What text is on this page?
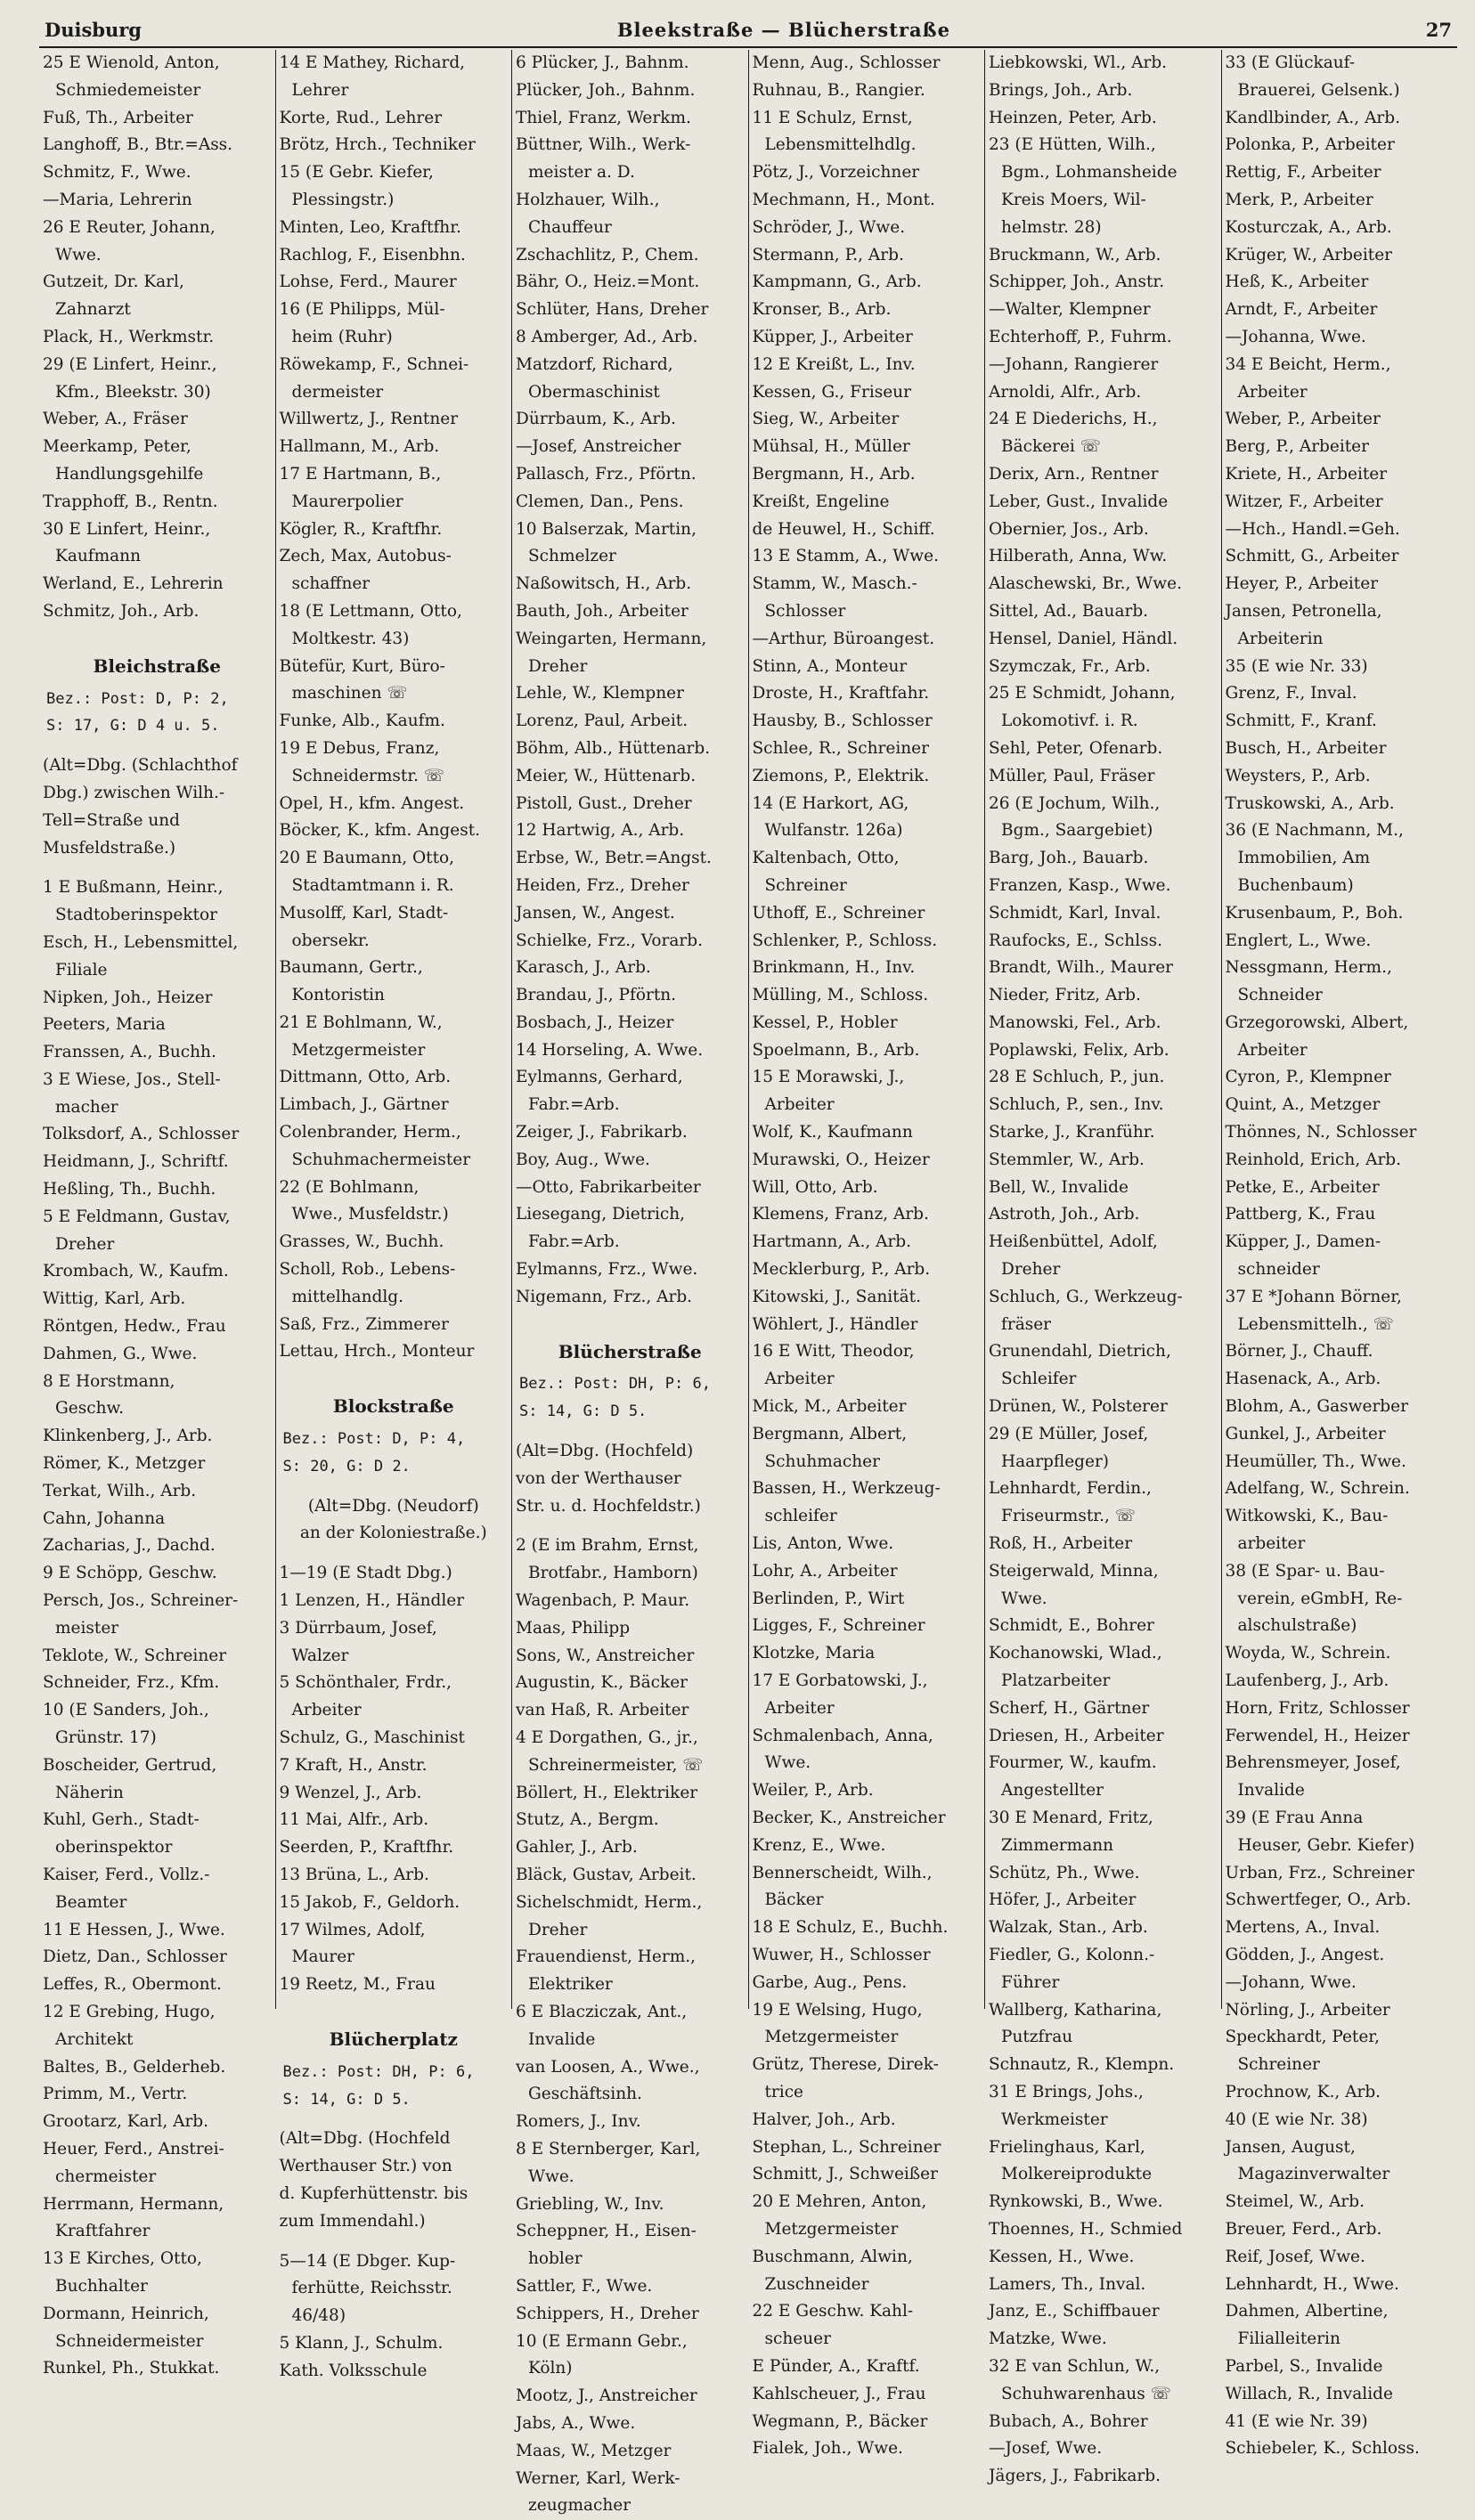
Duisburg	Bleekstraße — Blücherstraße	27
25 E Wienold, Anton,
Schmiedemeister
Fuß, Th., Arbeiter
Langhoff, B., Btr.=Ass.
Schmitz, F., Wwe.
—Maria, Lehrerin
26 E Reuter, Johann,
Wwe.
Gutzeit, Dr. Karl,
Zahnarzt
Plack, H., Werkmstr.
29 (E Linfert, Heinr.,
Kfm., Bleekstr. 30)
Weber, A., Fräser
Meerkamp, Peter,
Handlungsgehilfe
Trapphoff, B., Rentn.
30 E Linfert, Heinr.,
Kaufmann
Werland, E., Lehrerin
Schmitz, Joh., Arb.
Bleichstraße
Bez.: Post: D, P: 2,
S: 17, G: D 4 u. 5.
(Alt=Dbg. (Schlachthof
Dbg.) zwischen Wilh.-
Tell=Straße und
Musfeldstraße.)
1 E Bußmann, Heinr.,
Stadtoberinspektor
Esch, H., Lebensmittel,
Filiale
Nipken, Joh., Heizer
Peeters, Maria
Franssen, A., Buchh.
3 E Wiese, Jos., Stell-
macher
Tolksdorf, A., Schlosser
Heidmann, J., Schriftf.
Heßling, Th., Buchh.
5 E Feldmann, Gustav,
Dreher
Krombach, W., Kaufm.
Wittig, Karl, Arb.
Röntgen, Hedw., Frau
Dahmen, G., Wwe.
8 E Horstmann,
Geschw.
Klinkenberg, J., Arb.
Römer, K., Metzger
Terkat, Wilh., Arb.
Cahn, Johanna
Zacharias, J., Dachd.
9 E Schöpp, Geschw.
Persch, Jos., Schreiner-
meister
Teklote, W., Schreiner
Schneider, Frz., Kfm.
10 (E Sanders, Joh.,
Grünstr. 17)
Boscheider, Gertrud,
Näherin
Kuhl, Gerh., Stadt-
oberinspektor
Kaiser, Ferd., Vollz.-
Beamter
11 E Hessen, J., Wwe.
Dietz, Dan., Schlosser
Leffes, R., Obermont.
12 E Grebing, Hugo,
Architekt
Baltes, B., Gelderheb.
Primm, M., Vertr.
Grootarz, Karl, Arb.
Heuer, Ferd., Anstrei-
chermeister
Herrmann, Hermann,
Kraftfahrer
13 E Kirches, Otto,
Buchhalter
Dormann, Heinrich,
Schneidermeister
Runkel, Ph., Stukkat.
14 E Mathey, Richard,
Lehrer
Korte, Rud., Lehrer
Brötz, Hrch., Techniker
15 (E Gebr. Kiefer,
Plessingstr.)
Minten, Leo, Kraftfhr.
Rachlog, F., Eisenbhn.
Lohse, Ferd., Maurer
16 (E Philipps, Mül-
heim (Ruhr)
Röwekamp, F., Schnei-
dermeister
Willwertz, J., Rentner
Hallmann, M., Arb.
17 E Hartmann, B.,
Maurerpolier
Kögler, R., Kraftfhr.
Zech, Max, Autobus-
schaffner
18 (E Lettmann, Otto,
Moltkestr. 43)
Bütefür, Kurt, Büro-
maschinen ☏
Funke, Alb., Kaufm.
19 E Debus, Franz,
Schneidermstr. ☏
Opel, H., kfm. Angest.
Böcker, K., kfm. Angest.
20 E Baumann, Otto,
Stadtamtmann i. R.
Musolff, Karl, Stadt-
obersekr.
Baumann, Gertr.,
Kontoristin
21 E Bohlmann, W.,
Metzgermeister
Dittmann, Otto, Arb.
Limbach, J., Gärtner
Colenbrander, Herm.,
Schuhmachermeister
22 (E Bohlmann,
Wwe., Musfeldstr.)
Grasses, W., Buchh.
Scholl, Rob., Lebens-
mittelhandlg.
Saß, Frz., Zimmerer
Lettau, Hrch., Monteur
Blockstraße
Bez.: Post: D, P: 4,
S: 20, G: D 2.
(Alt=Dbg. (Neudorf)
an der Koloniestraße.)
1—19 (E Stadt Dbg.)
1 Lenzen, H., Händler
3 Dürrbaum, Josef,
Walzer
5 Schönthaler, Frdr.,
Arbeiter
Schulz, G., Maschinist
7 Kraft, H., Anstr.
9 Wenzel, J., Arb.
11 Mai, Alfr., Arb.
Seerden, P., Kraftfhr.
13 Brüna, L., Arb.
15 Jakob, F., Geldorh.
17 Wilmes, Adolf,
Maurer
19 Reetz, M., Frau
Blücherplatz
Bez.: Post: DH, P: 6,
S: 14, G: D 5.
(Alt=Dbg. (Hochfeld
Werthauser Str.) von
d. Kupferhüttenstr. bis
zum Immendahl.)
5—14 (E Dbger. Kup-
ferhütte, Reichsstr.
46/48)
5 Klann, J., Schulm.
Kath. Volksschule
6 Plücker, J., Bahnm.
Plücker, Joh., Bahnm.
Thiel, Franz, Werkm.
Büttner, Wilh., Werk-
meister a. D.
Holzhauer, Wilh.,
Chauffeur
Zschachlitz, P., Chem.
Bähr, O., Heiz.=Mont.
Schlüter, Hans, Dreher
8 Amberger, Ad., Arb.
Matzdorf, Richard,
Obermaschinist
Dürrbaum, K., Arb.
—Josef, Anstreicher
Pallasch, Frz., Pförtn.
Clemen, Dan., Pens.
10 Balserzak, Martin,
Schmelzer
Naßowitsch, H., Arb.
Bauth, Joh., Arbeiter
Weingarten, Hermann,
Dreher
Lehle, W., Klempner
Lorenz, Paul, Arbeit.
Böhm, Alb., Hüttenarb.
Meier, W., Hüttenarb.
Pistoll, Gust., Dreher
12 Hartwig, A., Arb.
Erbse, W., Betr.=Angst.
Heiden, Frz., Dreher
Jansen, W., Angest.
Schielke, Frz., Vorarb.
Karasch, J., Arb.
Brandau, J., Pförtn.
Bosbach, J., Heizer
14 Horseling, A. Wwe.
Eylmanns, Gerhard,
Fabr.=Arb.
Zeiger, J., Fabrikarb.
Boy, Aug., Wwe.
—Otto, Fabrikarbeiter
Liesegang, Dietrich,
Fabr.=Arb.
Eylmanns, Frz., Wwe.
Nigemann, Frz., Arb.
Blücherstraße
Bez.: Post: DH, P: 6,
S: 14, G: D 5.
(Alt=Dbg. (Hochfeld)
von der Werthauser
Str. u. d. Hochfeldstr.)
2 (E im Brahm, Ernst,
Brotfabr., Hamborn)
Wagenbach, P. Maur.
Maas, Philipp
Sons, W., Anstreicher
Augustin, K., Bäcker
van Haß, R. Arbeiter
4 E Dorgathen, G., jr.,
Schreinermeister, ☏
Böllert, H., Elektriker
Stutz, A., Bergm.
Gahler, J., Arb.
Bläck, Gustav, Arbeit.
Sichelschmidt, Herm.,
Dreher
Frauendienst, Herm.,
Elektriker
6 E Blacziczak, Ant.,
Invalide
van Loosen, A., Wwe.,
Geschäftsinh.
Romers, J., Inv.
8 E Sternberger, Karl,
Wwe.
Griebling, W., Inv.
Scheppner, H., Eisen-
hobler
Sattler, F., Wwe.
Schippers, H., Dreher
10 (E Ermann Gebr.,
Köln)
Mootz, J., Anstreicher
Jabs, A., Wwe.
Maas, W., Metzger
Werner, Karl, Werk-
zeugmacher
Menn, Aug., Schlosser
Ruhnau, B., Rangier.
11 E Schulz, Ernst,
Lebensmittelhdlg.
Pötz, J., Vorzeichner
Mechmann, H., Mont.
Schröder, J., Wwe.
Stermann, P., Arb.
Kampmann, G., Arb.
Kronser, B., Arb.
Küpper, J., Arbeiter
12 E Kreißt, L., Inv.
Kessen, G., Friseur
Sieg, W., Arbeiter
Mühsal, H., Müller
Bergmann, H., Arb.
Kreißt, Engeline
de Heuwel, H., Schiff.
13 E Stamm, A., Wwe.
Stamm, W., Masch.-
Schlosser
—Arthur, Büroangest.
Stinn, A., Monteur
Droste, H., Kraftfahr.
Hausby, B., Schlosser
Schlee, R., Schreiner
Ziemons, P., Elektrik.
14 (E Harkort, AG,
Wulfanstr. 126a)
Kaltenbach, Otto,
Schreiner
Uthoff, E., Schreiner
Schlenker, P., Schloss.
Brinkmann, H., Inv.
Mülling, M., Schloss.
Kessel, P., Hobler
Spoelmann, B., Arb.
15 E Morawski, J.,
Arbeiter
Wolf, K., Kaufmann
Murawski, O., Heizer
Will, Otto, Arb.
Klemens, Franz, Arb.
Hartmann, A., Arb.
Mecklerburg, P., Arb.
Kitowski, J., Sanität.
Wöhlert, J., Händler
16 E Witt, Theodor,
Arbeiter
Mick, M., Arbeiter
Bergmann, Albert,
Schuhmacher
Bassen, H., Werkzeug-
schleifer
Lis, Anton, Wwe.
Lohr, A., Arbeiter
Berlinden, P., Wirt
Ligges, F., Schreiner
Klotzke, Maria
17 E Gorbatowski, J.,
Arbeiter
Schmalenbach, Anna,
Wwe.
Weiler, P., Arb.
Becker, K., Anstreicher
Krenz, E., Wwe.
Bennerscheidt, Wilh.,
Bäcker
18 E Schulz, E., Buchh.
Wuwer, H., Schlosser
Garbe, Aug., Pens.
19 E Welsing, Hugo,
Metzgermeister
Grütz, Therese, Direk-
trice
Halver, Joh., Arb.
Stephan, L., Schreiner
Schmitt, J., Schweißer
20 E Mehren, Anton,
Metzgermeister
Buschmann, Alwin,
Zuschneider
22 E Geschw. Kahl-
scheuer
E Pünder, A., Kraftf.
Kahlscheuer, J., Frau
Wegmann, P., Bäcker
Fialek, Joh., Wwe.
Liebkowski, Wl., Arb.
Brings, Joh., Arb.
Heinzen, Peter, Arb.
23 (E Hütten, Wilh.,
Bgm., Lohmansheide
Kreis Moers, Wil-
helmstr. 28)
Bruckmann, W., Arb.
Schipper, Joh., Anstr.
—Walter, Klempner
Echterhoff, P., Fuhrm.
—Johann, Rangierer
Arnoldi, Alfr., Arb.
24 E Diederichs, H.,
Bäckerei ☏
Derix, Arn., Rentner
Leber, Gust., Invalide
Obernier, Jos., Arb.
Hilberath, Anna, Ww.
Alaschewski, Br., Wwe.
Sittel, Ad., Bauarb.
Hensel, Daniel, Händl.
Szymczak, Fr., Arb.
25 E Schmidt, Johann,
Lokomotivf. i. R.
Sehl, Peter, Ofenarb.
Müller, Paul, Fräser
26 (E Jochum, Wilh.,
Bgm., Saargebiet)
Barg, Joh., Bauarb.
Franzen, Kasp., Wwe.
Schmidt, Karl, Inval.
Raufocks, E., Schlss.
Brandt, Wilh., Maurer
Nieder, Fritz, Arb.
Manowski, Fel., Arb.
Poplawski, Felix, Arb.
28 E Schluch, P., jun.
Schluch, P., sen., Inv.
Starke, J., Kranführ.
Stemmler, W., Arb.
Bell, W., Invalide
Astroth, Joh., Arb.
Heißenbüttel, Adolf,
Dreher
Schluch, G., Werkzeug-
fräser
Grunendahl, Dietrich,
Schleifer
Drünen, W., Polsterer
29 (E Müller, Josef,
Haarpfleger)
Lehnhardt, Ferdin.,
Friseurmstr., ☏
Roß, H., Arbeiter
Steigerwald, Minna,
Wwe.
Schmidt, E., Bohrer
Kochanowski, Wlad.,
Platzarbeiter
Scherf, H., Gärtner
Driesen, H., Arbeiter
Fourmer, W., kaufm.
Angestellter
30 E Menard, Fritz,
Zimmermann
Schütz, Ph., Wwe.
Höfer, J., Arbeiter
Walzak, Stan., Arb.
Fiedler, G., Kolonn.-
Führer
Wallberg, Katharina,
Putzfrau
Schnautz, R., Klempn.
31 E Brings, Johs.,
Werkmeister
Frielinghaus, Karl,
Molkereiprodukte
Rynkowski, B., Wwe.
Thoennes, H., Schmied
Kessen, H., Wwe.
Lamers, Th., Inval.
Janz, E., Schiffbauer
Matzke, Wwe.
32 E van Schlun, W.,
Schuhwarenhaus ☏
Bubach, A., Bohrer
—Josef, Wwe.
Jägers, J., Fabrikarb.
33 (E Glückauf-
Brauerei, Gelsenk.)
Kandlbinder, A., Arb.
Polonka, P., Arbeiter
Rettig, F., Arbeiter
Merk, P., Arbeiter
Kosturczak, A., Arb.
Krüger, W., Arbeiter
Heß, K., Arbeiter
Arndt, F., Arbeiter
—Johanna, Wwe.
34 E Beicht, Herm.,
Arbeiter
Weber, P., Arbeiter
Berg, P., Arbeiter
Kriete, H., Arbeiter
Witzer, F., Arbeiter
—Hch., Handl.=Geh.
Schmitt, G., Arbeiter
Heyer, P., Arbeiter
Jansen, Petronella,
Arbeiterin
35 (E wie Nr. 33)
Grenz, F., Inval.
Schmitt, F., Kranf.
Busch, H., Arbeiter
Weysters, P., Arb.
Truskowski, A., Arb.
36 (E Nachmann, M.,
Immobilien, Am
Buchenbaum)
Krusenbaum, P., Boh.
Englert, L., Wwe.
Nessgmann, Herm.,
Schneider
Grzegorowski, Albert,
Arbeiter
Cyron, P., Klempner
Quint, A., Metzger
Thönnes, N., Schlosser
Reinhold, Erich, Arb.
Petke, E., Arbeiter
Pattberg, K., Frau
Küpper, J., Damen-
schneider
37 E *Johann Börner,
Lebensmittelh., ☏
Börner, J., Chauff.
Hasenack, A., Arb.
Blohm, A., Gaswerber
Gunkel, J., Arbeiter
Heumüller, Th., Wwe.
Adelfang, W., Schrein.
Witkowski, K., Bau-
arbeiter
38 (E Spar- u. Bau-
verein, eGmbH, Re-
alschulstraße)
Woyda, W., Schrein.
Laufenberg, J., Arb.
Horn, Fritz, Schlosser
Ferwendel, H., Heizer
Behrensmeyer, Josef,
Invalide
39 (E Frau Anna
Heuser, Gebr. Kiefer)
Urban, Frz., Schreiner
Schwertfeger, O., Arb.
Mertens, A., Inval.
Gödden, J., Angest.
—Johann, Wwe.
Nörling, J., Arbeiter
Speckhardt, Peter,
Schreiner
Prochnow, K., Arb.
40 (E wie Nr. 38)
Jansen, August,
Magazinverwalter
Steimel, W., Arb.
Breuer, Ferd., Arb.
Reif, Josef, Wwe.
Lehnhardt, H., Wwe.
Dahmen, Albertine,
Filialleiterin
Parbel, S., Invalide
Willach, R., Invalide
41 (E wie Nr. 39)
Schiebeler, K., Schloss.
